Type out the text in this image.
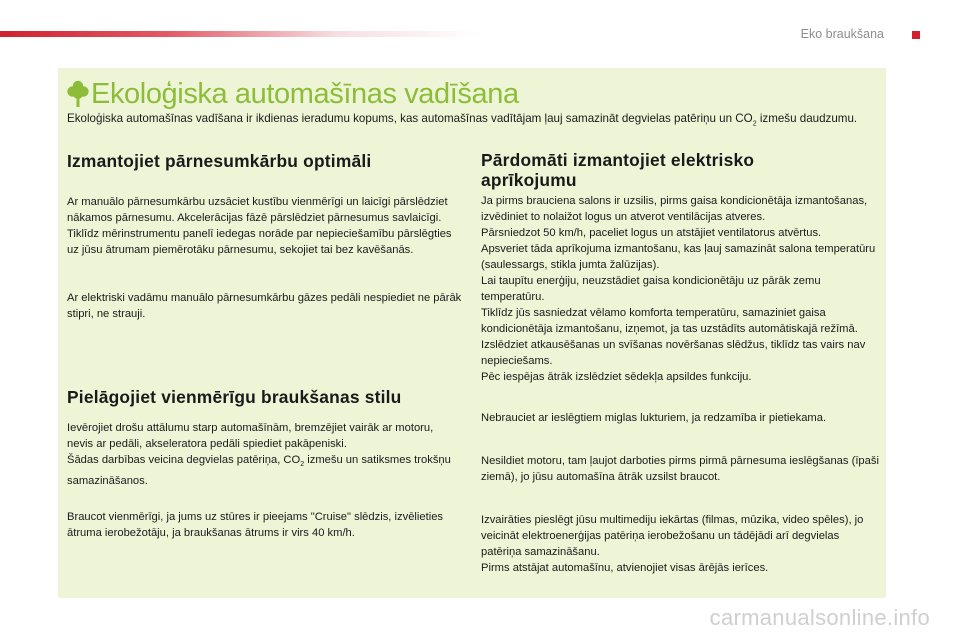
Eko braukšana
Ekoloģiska automašīnas vadīšana
Ekoloģiska automašīnas vadīšana ir ikdienas ieradumu kopums, kas automašīnas vadītājam ļauj samazināt degvielas patēriņu un $CO_2$ izmešu daudzumu.
Izmantojiet pārnesumkārbu optimāli

Ar manuālo pārnesumkārbu uzsāciet kustību vienmērīgi un laicīgi pārslēdziet nākamos pārnesumu. Akcelerācijas fāzē pārslēdziet pārnesumus savlaicīgi.
Tiklīdz mērinstrumentu panelī iedegas norāde par nepieciešamību pārslēgties uz jūsu ātrumam piemērotāku pārnesumu, sekojiet tai bez kavēšanās.

Ar elektriski vadāmu manuālo pārnesumkārbu gāzes pedāli nespiediet ne pārāk stipri, ne strauji.

Pielāgojiet vienmērīgu braukšanas stilu

Ievērojiet drošu attālumu starp automašīnām, bremzējiet vairāk ar motoru, nevis ar pedāli, akseleratora pedāli spiediet pakāpeniski.
Šādas darbības veicina degvielas patēriņa, $CO_2$ izmešu un satiksmes trokšņu samazināšanos.

Braucot vienmērīgi, ja jums uz stūres ir pieejams "Cruise" slēdzis, izvēlieties ātruma ierobežotāju, ja braukšanas ātrums ir virs 40 km/h.

Pārdomāti izmantojiet elektrisko aprīkojumu

Ja pirms brauciena salons ir uzsilis, pirms gaisa kondicionētāja izmantošanas, izvēdiniet to nolaižot logus un atverot ventilācijas atveres.
Pārsniedzot 50 km/h, paceliet logus un atstājiet ventilatorus atvērtus.
Apsveriet tāda aprīkojuma izmantošanu, kas ļauj samazināt salona temperatūru (saulessargs, stikla jumta žalūzijas).
Lai taupītu enerģiju, neuzstādiet gaisa kondicionētāju uz pārāk zemu temperatūru.
Tiklīdz jūs sasniedzat vēlamo komforta temperatūru, samaziniet gaisa kondicionētāja izmantošanu, izņemot, ja tas uzstādīts automātiskajā režīmā.
Izslēdziet atkausēšanas un svīšanas novēršanas slēdžus, tiklīdz tas vairs nav nepieciešams.
Pēc iespējas ātrāk izslēdziet sēdekļa apsildes funkciju.

Nebrauciet ar ieslēgtiem miglas lukturiem, ja redzamība ir pietiekama.

Nesildiet motoru, tam ļaujot darboties pirms pirmā pārnesuma ieslēgšanas (īpaši ziemā), jo jūsu automašīna ātrāk uzsilst braucot.

Izvairāties pieslēgt jūsu multimediju iekārtas (filmas, mūzika, video spēles), jo veicināt elektroenerģijas patēriņa ierobežošanu un tādējādi arī degvielas patēriņa samazināšanu.
Pirms atstājat automašīnu, atvienojiet visas ārējās ierīces.

carmanualsonline.info
